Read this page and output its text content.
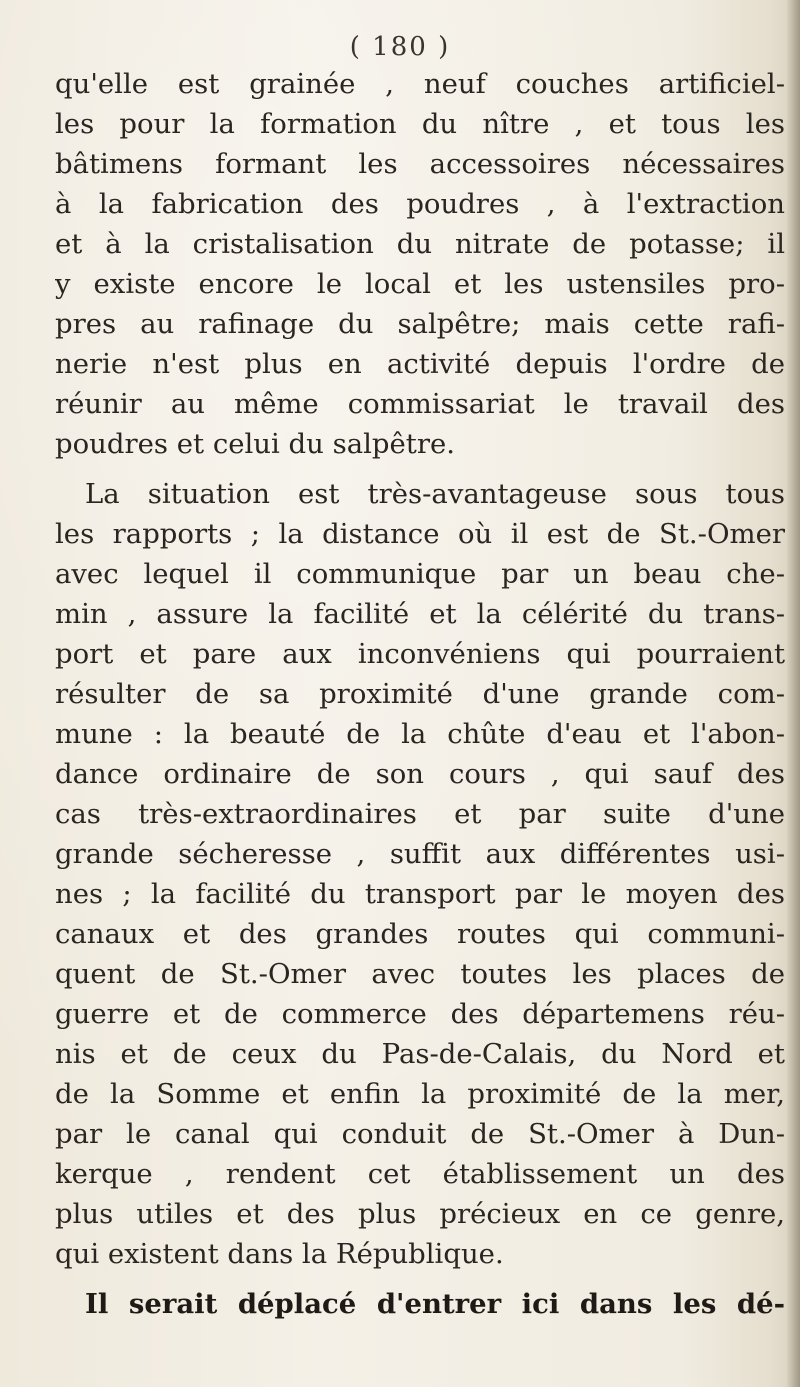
( 180 )
qu'elle est grainée , neuf couches artificiel-
les pour la formation du nître , et tous les
bâtimens formant les accessoires nécessaires
à la fabrication des poudres , à l'extraction
et à la cristalisation du nitrate de potasse; il
y existe encore le local et les ustensiles pro-
pres au rafinage du salpêtre; mais cette rafi-
nerie n'est plus en activité depuis l'ordre de
réunir au même commissariat le travail des
poudres et celui du salpêtre.
La situation est très-avantageuse sous tous
les rapports ; la distance où il est de St.-Omer
avec lequel il communique par un beau che-
min , assure la facilité et la célérité du trans-
port et pare aux inconvéniens qui pourraient
résulter de sa proximité d'une grande com-
mune : la beauté de la chûte d'eau et l'abon-
dance ordinaire de son cours , qui sauf des
cas très-extraordinaires et par suite d'une
grande sécheresse , suffit aux différentes usi-
nes ; la facilité du transport par le moyen des
canaux et des grandes routes qui communi-
quent de St.-Omer avec toutes les places de
guerre et de commerce des départemens réu-
nis et de ceux du Pas-de-Calais, du Nord et
de la Somme et enfin la proximité de la mer,
par le canal qui conduit de St.-Omer à Dun-
kerque , rendent cet établissement un des
plus utiles et des plus précieux en ce genre,
qui existent dans la République.
Il serait déplacé d'entrer ici dans les dé-
